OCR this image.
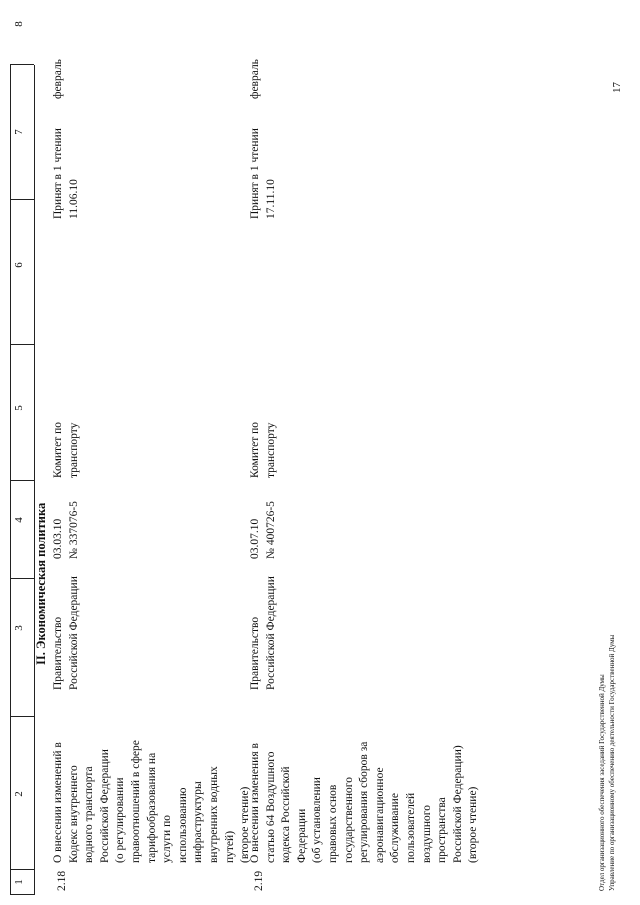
1
2
3
4
5
6
7
8
II. Экономическая политика
2.18
О внесении изменений в
Кодекс внутреннего
водного транспорта
Российской Федерации
(о регулировании
правоотношений в сфере
тарифообразования на
услуги по
использованию
инфраструктуры
внутренних водных
путей)
(второе чтение)
Правительство
Российской Федерации
03.03.10
№ 337076-5
Комитет по
транспорту
Принят в 1 чтении
11.06.10
февраль
2.19
О внесении изменения в
статью 64 Воздушного
кодекса Российской
Федерации
(об установлении
правовых основ
государственного
регулирования сборов за
аэронавигационное
обслуживание
пользователей
воздушного
пространства
Российской Федерации)
(второе чтение)
Правительство
Российской Федерации
03.07.10
№ 400726-5
Комитет по
транспорту
Принят в 1 чтении
17.11.10
февраль
Отдел организационного обеспечения заседаний Государственной Думы Управление по организационному обеспечению деятельности Государственной Думы
17
